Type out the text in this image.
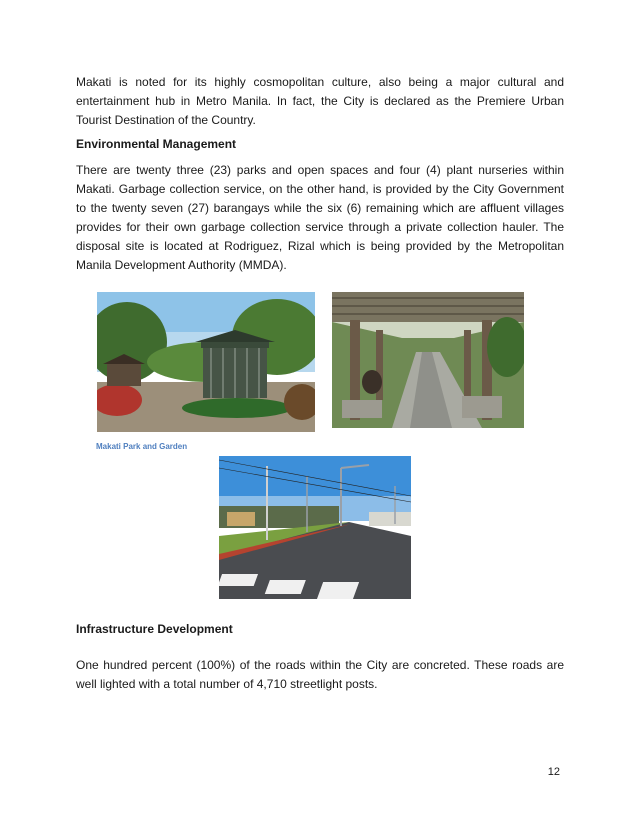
Makati is noted for its highly cosmopolitan culture, also being a major cultural and entertainment hub in Metro Manila. In fact, the City is declared as the Premiere Urban Tourist Destination of the Country.

Environmental Management

There are twenty three (23) parks and open spaces and four (4) plant nurseries within Makati. Garbage collection service, on the other hand, is provided by the City Government to the twenty seven (27) barangays while the six (6) remaining which are affluent villages provides for their own garbage collection service through a private collection hauler. The disposal site is located at Rodriguez, Rizal which is being provided by the Metropolitan Manila Development Authority (MMDA).

Makati Park and Garden

Infrastructure Development

One hundred percent (100%) of the roads within the City are concreted. These roads are well lighted with a total number of 4,710 streetlight posts.

12
